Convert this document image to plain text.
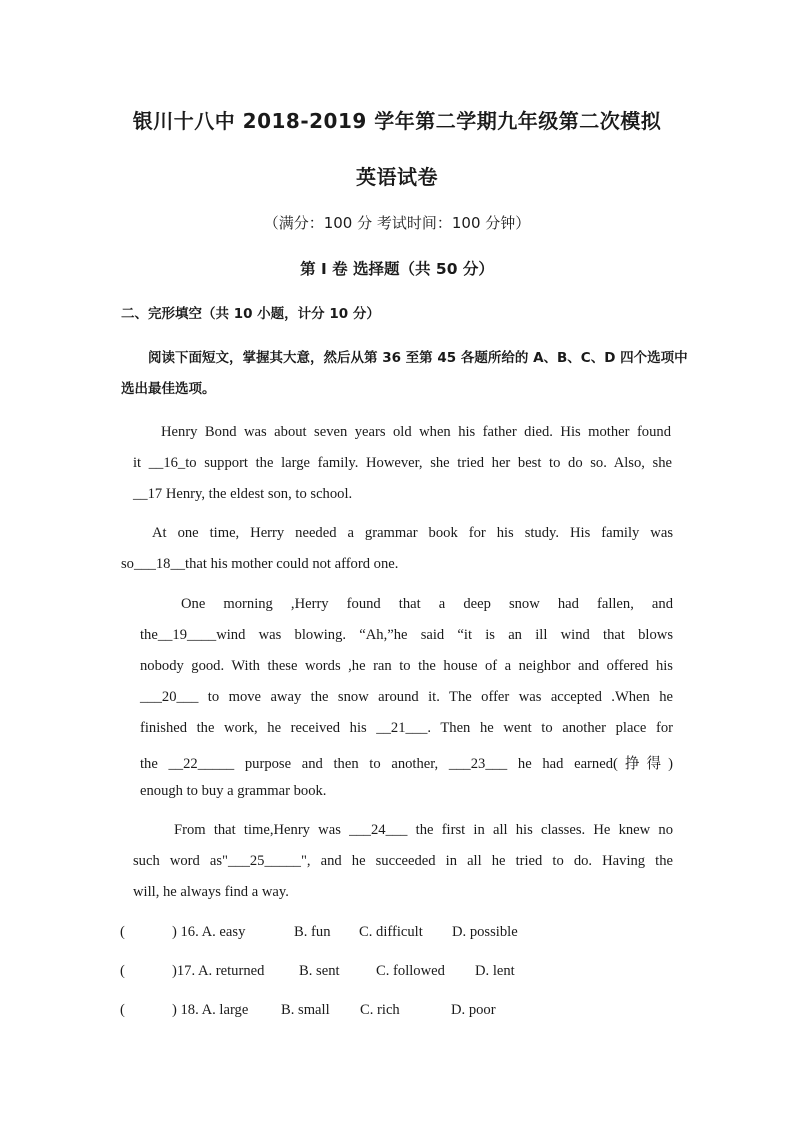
银川十八中 2018-2019 学年第二学期九年级第二次模拟
英语试卷
（满分：100 分 考试时间：100 分钟）
第 I 卷 选择题（共 50 分）
二、完形填空（共 10 小题，计分 10 分）
阅读下面短文，掌握其大意，然后从第 36 至第 45 各题所给的 A、B、C、D 四个选项中
选出最佳选项。
Henry Bond was about seven years old when his father died. His mother found
it __16_to support the large family. However, she tried her best to do so. Also, she
__17 Henry, the eldest son, to school.
At one time, Herry needed a grammar book for his study. His family was
so___18__that his mother could not afford one.
One morning ,Herry found that a deep snow had fallen, and
the__19____wind was blowing. “Ah,”he said “it is an ill wind that blows
nobody good. With these words ,he ran to the house of a neighbor and offered his
___20___ to move away the snow around it. The offer was accepted .When he
finished the work, he received his __21___. Then he went to another place for
the __22_____ purpose and then to another, ___23___ he had earned(挣得)
enough to buy a grammar book.
From that time,Henry was ___24___ the first in all his classes. He knew no
such word as"___25_____", and he succeeded in all he tried to do. Having the
will, he always find a way.
(	) 16. A. easy	B. fun C. difficult D. possible
(	)17. A. returned B. sent C. followed D. lent
(	) 18. A. large B. small C. rich	D. poor
